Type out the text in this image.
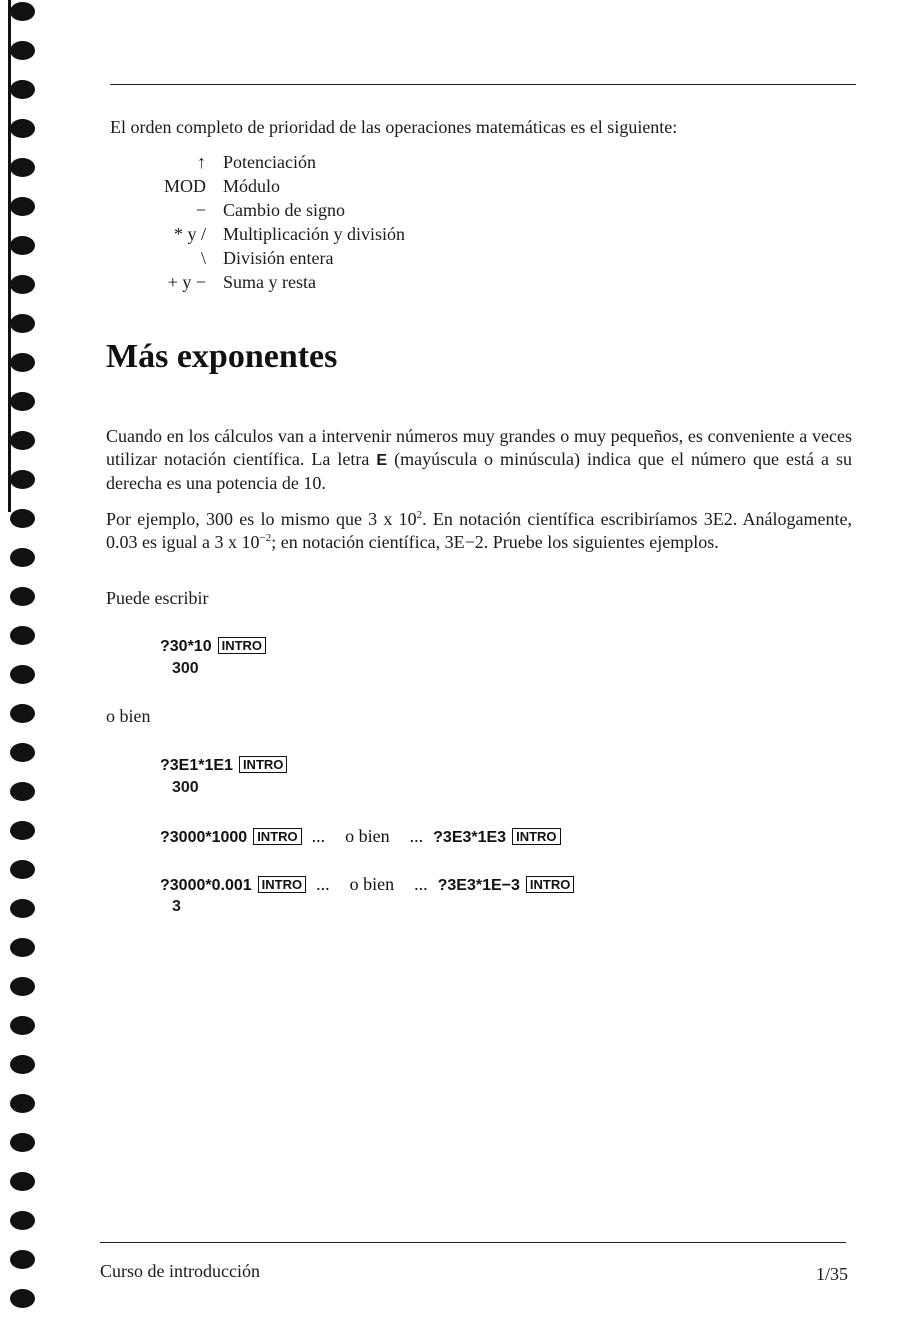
El orden completo de prioridad de las operaciones matemáticas es el siguiente:
↑ Potenciación
MOD Módulo
− Cambio de signo
* y / Multiplicación y división
\ División entera
+ y − Suma y resta
Más exponentes

Cuando en los cálculos van a intervenir números muy grandes o muy pequeños, es conveniente a veces utilizar notación científica. La letra E (mayúscula o minúscula) indica que el número que está a su derecha es una potencia de 10.

Por ejemplo, 300 es lo mismo que 3 x $10^2$. En notación científica escribiríamos 3E2. Análogamente, 0.03 es igual a 3 x $10^{-2}$; en notación científica, 3E−2. Pruebe los siguientes ejemplos.

Puede escribir

?30*10 INTRO
300
o bien
?3E1*1E1 INTRO
300
?3000*1000 INTRO ... o bien ... ?3E3*1E3 INTRO
?3000*0.001 INTRO ... o bien ... ?3E3*1E−3 INTRO
3
Curso de introducción	1/35
